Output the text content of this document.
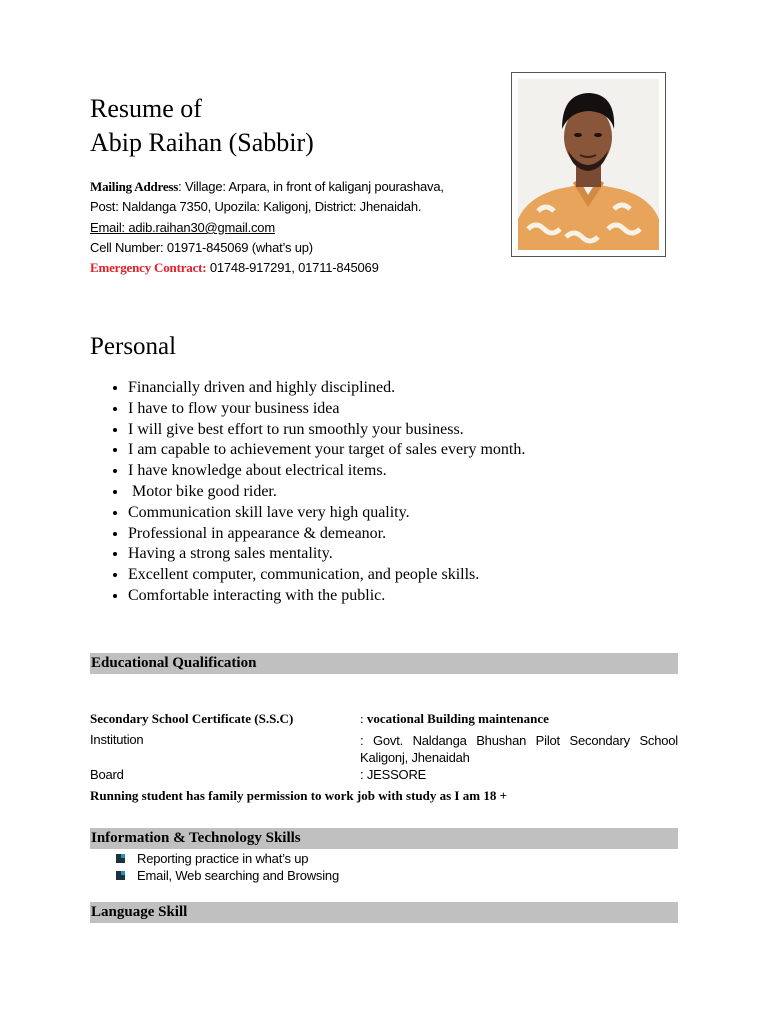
Resume of
Abip Raihan (Sabbir)
Mailing Address: Village: Arpara, in front of kaliganj pourashava,
Post: Naldanga 7350, Upozila: Kaligonj, District: Jhenaidah.
Email: adib.raihan30@gmail.com
Cell Number: 01971-845069 (what’s up)
Emergency Contract: 01748-917291, 01711-845069
Personal
• Financially driven and highly disciplined.
• I have to flow your business idea
• I will give best effort to run smoothly your business.
• I am capable to achievement your target of sales every month.
• I have knowledge about electrical items.
•  Motor bike good rider.
• Communication skill lave very high quality.
• Professional in appearance & demeanor.
• Having a strong sales mentality.
• Excellent computer, communication, and people skills.
• Comfortable interacting with the public.
Educational Qualification
Secondary School Certificate (S.S.C)	: vocational Building maintenance
Institution	: Govt. Naldanga Bhushan Pilot Secondary School Kaligonj, Jhenaidah
Board	: JESSORE
Running student has family permission to work job with study as I am 18 +
Information & Technology Skills
Reporting practice in what’s up
Email, Web searching and Browsing
Language Skill
